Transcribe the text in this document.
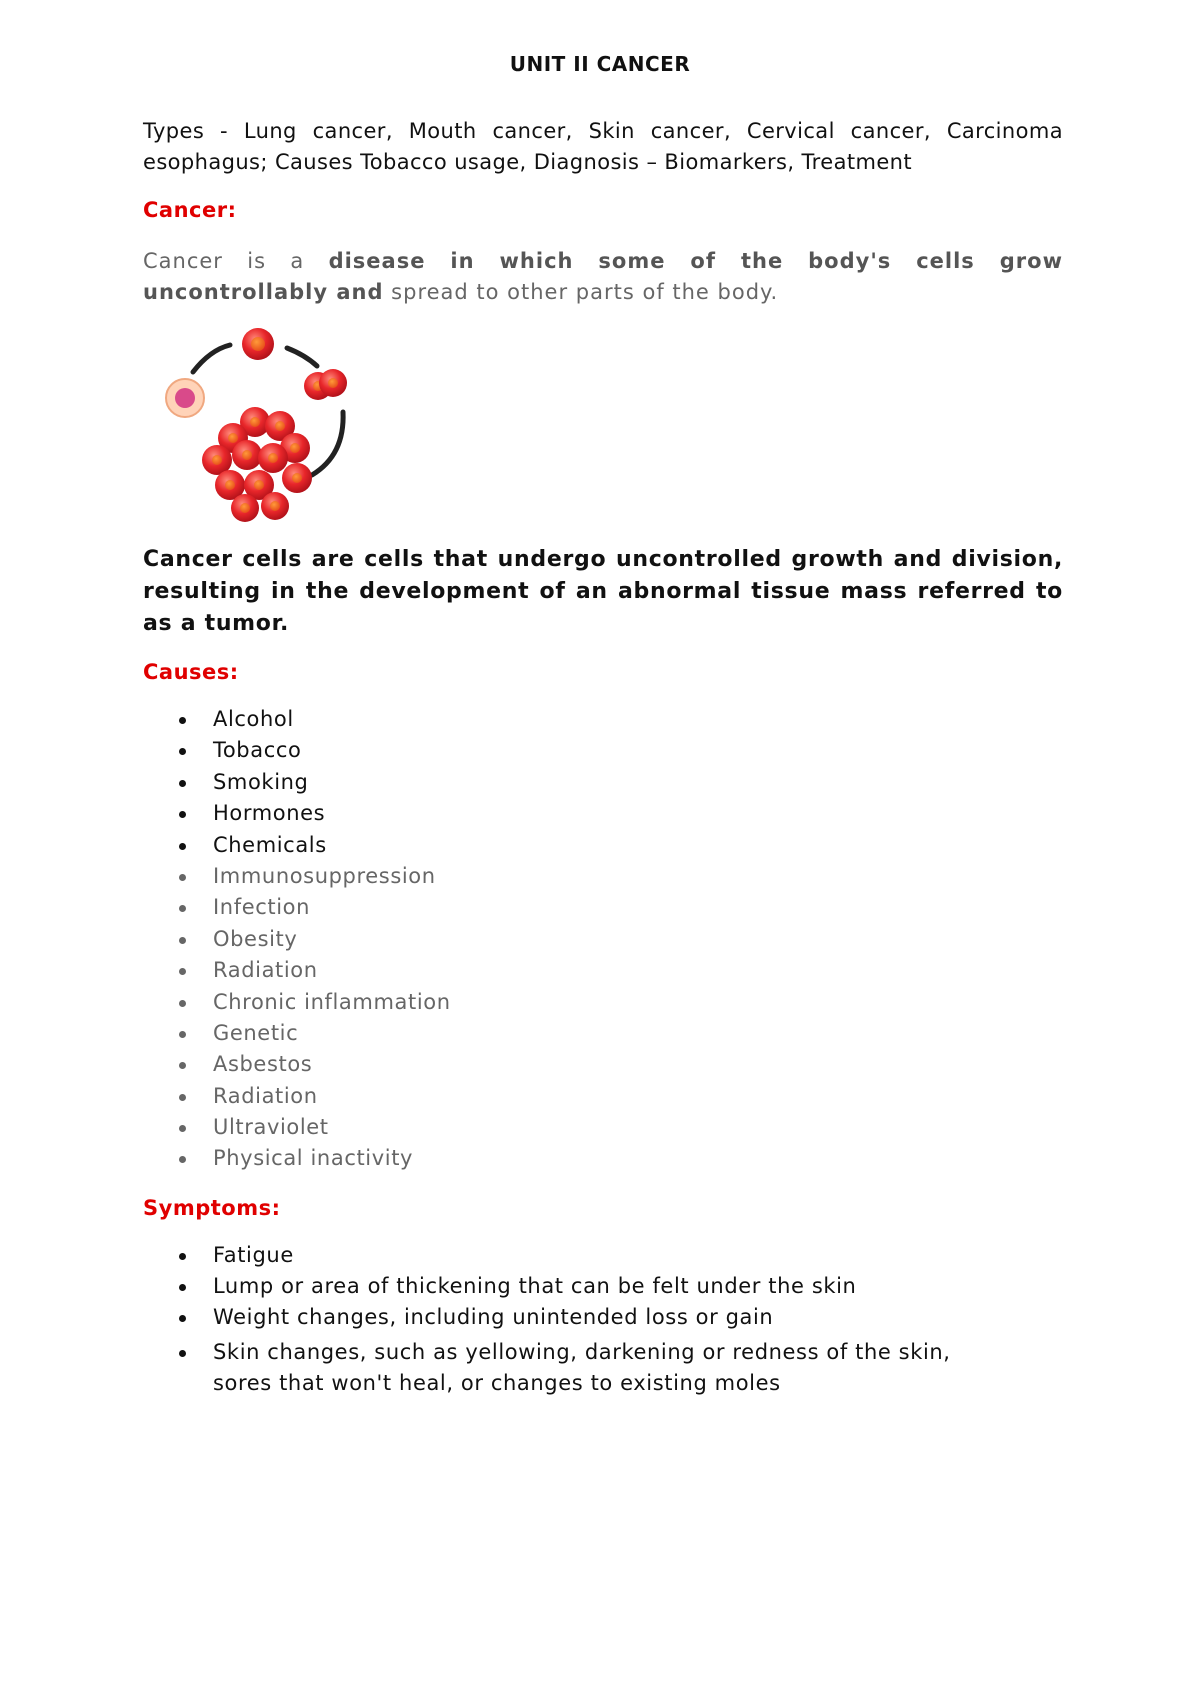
UNIT II CANCER
Types - Lung cancer, Mouth cancer, Skin cancer, Cervical cancer, Carcinoma esophagus; Causes Tobacco usage, Diagnosis – Biomarkers, Treatment
Cancer:
Cancer is a disease in which some of the body's cells grow uncontrollably and spread to other parts of the body.
Cancer cells are cells that undergo uncontrolled growth and division, resulting in the development of an abnormal tissue mass referred to as a tumor.
Causes:
Alcohol
Tobacco
Smoking
Hormones
Chemicals
Immunosuppression
Infection
Obesity
Radiation
Chronic inflammation
Genetic
Asbestos
Radiation
Ultraviolet
Physical inactivity
Symptoms:
Fatigue
Lump or area of thickening that can be felt under the skin
Weight changes, including unintended loss or gain
Skin changes, such as yellowing, darkening or redness of the skin, sores that won't heal, or changes to existing moles
